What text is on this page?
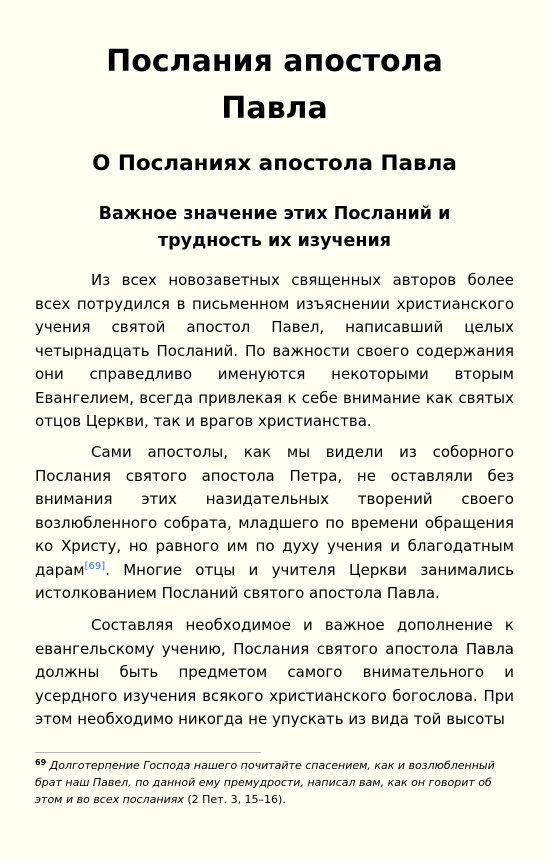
Послания апостола
Павла
О Посланиях апостола Павла
Важное значение этих Посланий и
трудность их изучения

Из всех новозаветных священных авторов более всех потрудился в письменном изъяснении христианского учения святой апостол Павел, написавший целых четырнадцать Посланий. По важности своего содержания они справедливо именуются некоторыми вторым Евангелием, всегда привлекая к себе внимание как святых отцов Церкви, так и врагов христианства.

Сами апостолы, как мы видели из соборного Послания святого апостола Петра, не оставляли без внимания этих назидательных творений своего возлюбленного собрата, младшего по времени обращения ко Христу, но равного им по духу учения и благодатным дарам[69]. Многие отцы и учителя Церкви занимались истолкованием Посланий святого апостола Павла.

Составляя необходимое и важное дополнение к евангельскому учению, Послания святого апостола Павла должны быть предметом самого внимательного и усердного изучения всякого христианского богослова. При этом необходимо никогда не упускать из вида той высоты

$^{69}$ Долготерпение Господа нашего почитайте спасением, как и возлюбленный брат наш Павел, по данной ему премудрости, написал вам, как он говорит об этом и во всех посланиях (2 Пет. 3, 15–16).
